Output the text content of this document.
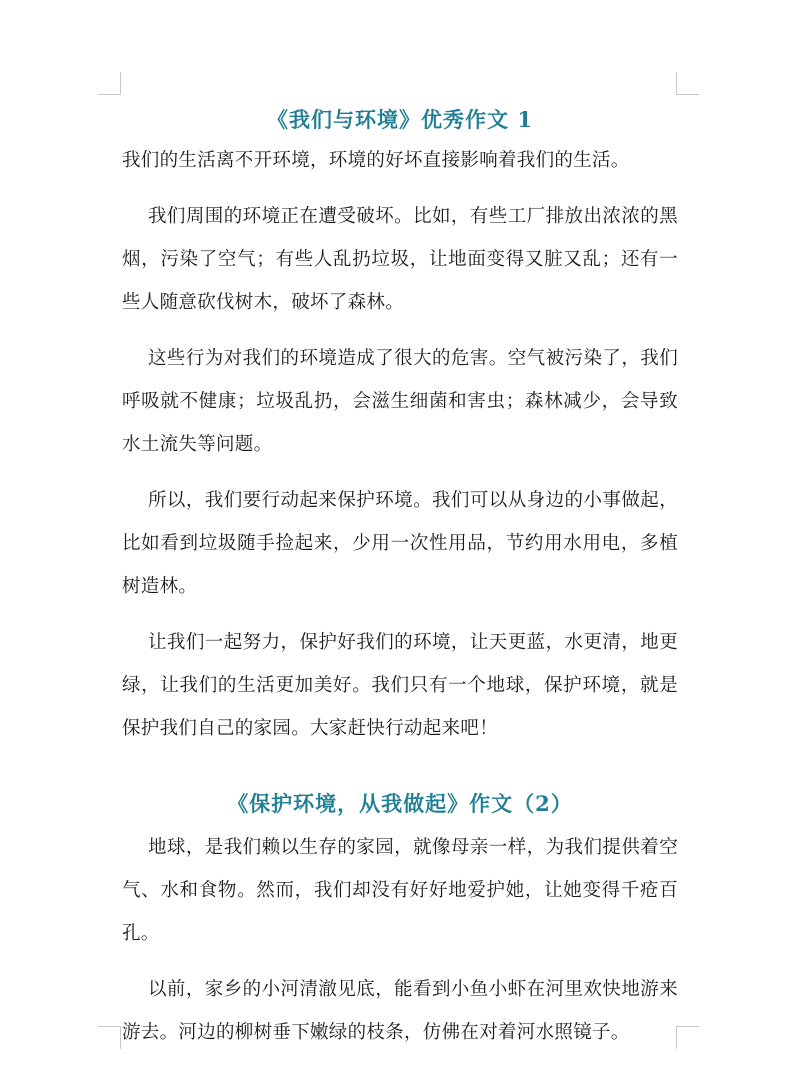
《我们与环境》优秀作文 1

我们的生活离不开环境，环境的好坏直接影响着我们的生活。

我们周围的环境正在遭受破坏。比如，有些工厂排放出浓浓的黑烟，污染了空气；有些人乱扔垃圾，让地面变得又脏又乱；还有一些人随意砍伐树木，破坏了森林。

这些行为对我们的环境造成了很大的危害。空气被污染了，我们呼吸就不健康；垃圾乱扔，会滋生细菌和害虫；森林减少，会导致水土流失等问题。

所以，我们要行动起来保护环境。我们可以从身边的小事做起，比如看到垃圾随手捡起来，少用一次性用品，节约用水用电，多植树造林。

让我们一起努力，保护好我们的环境，让天更蓝，水更清，地更绿，让我们的生活更加美好。我们只有一个地球，保护环境，就是保护我们自己的家园。大家赶快行动起来吧！

《保护环境，从我做起》作文（2）

地球，是我们赖以生存的家园，就像母亲一样，为我们提供着空气、水和食物。然而，我们却没有好好地爱护她，让她变得千疮百孔。

以前，家乡的小河清澈见底，能看到小鱼小虾在河里欢快地游来游去。河边的柳树垂下嫩绿的枝条，仿佛在对着河水照镜子。
